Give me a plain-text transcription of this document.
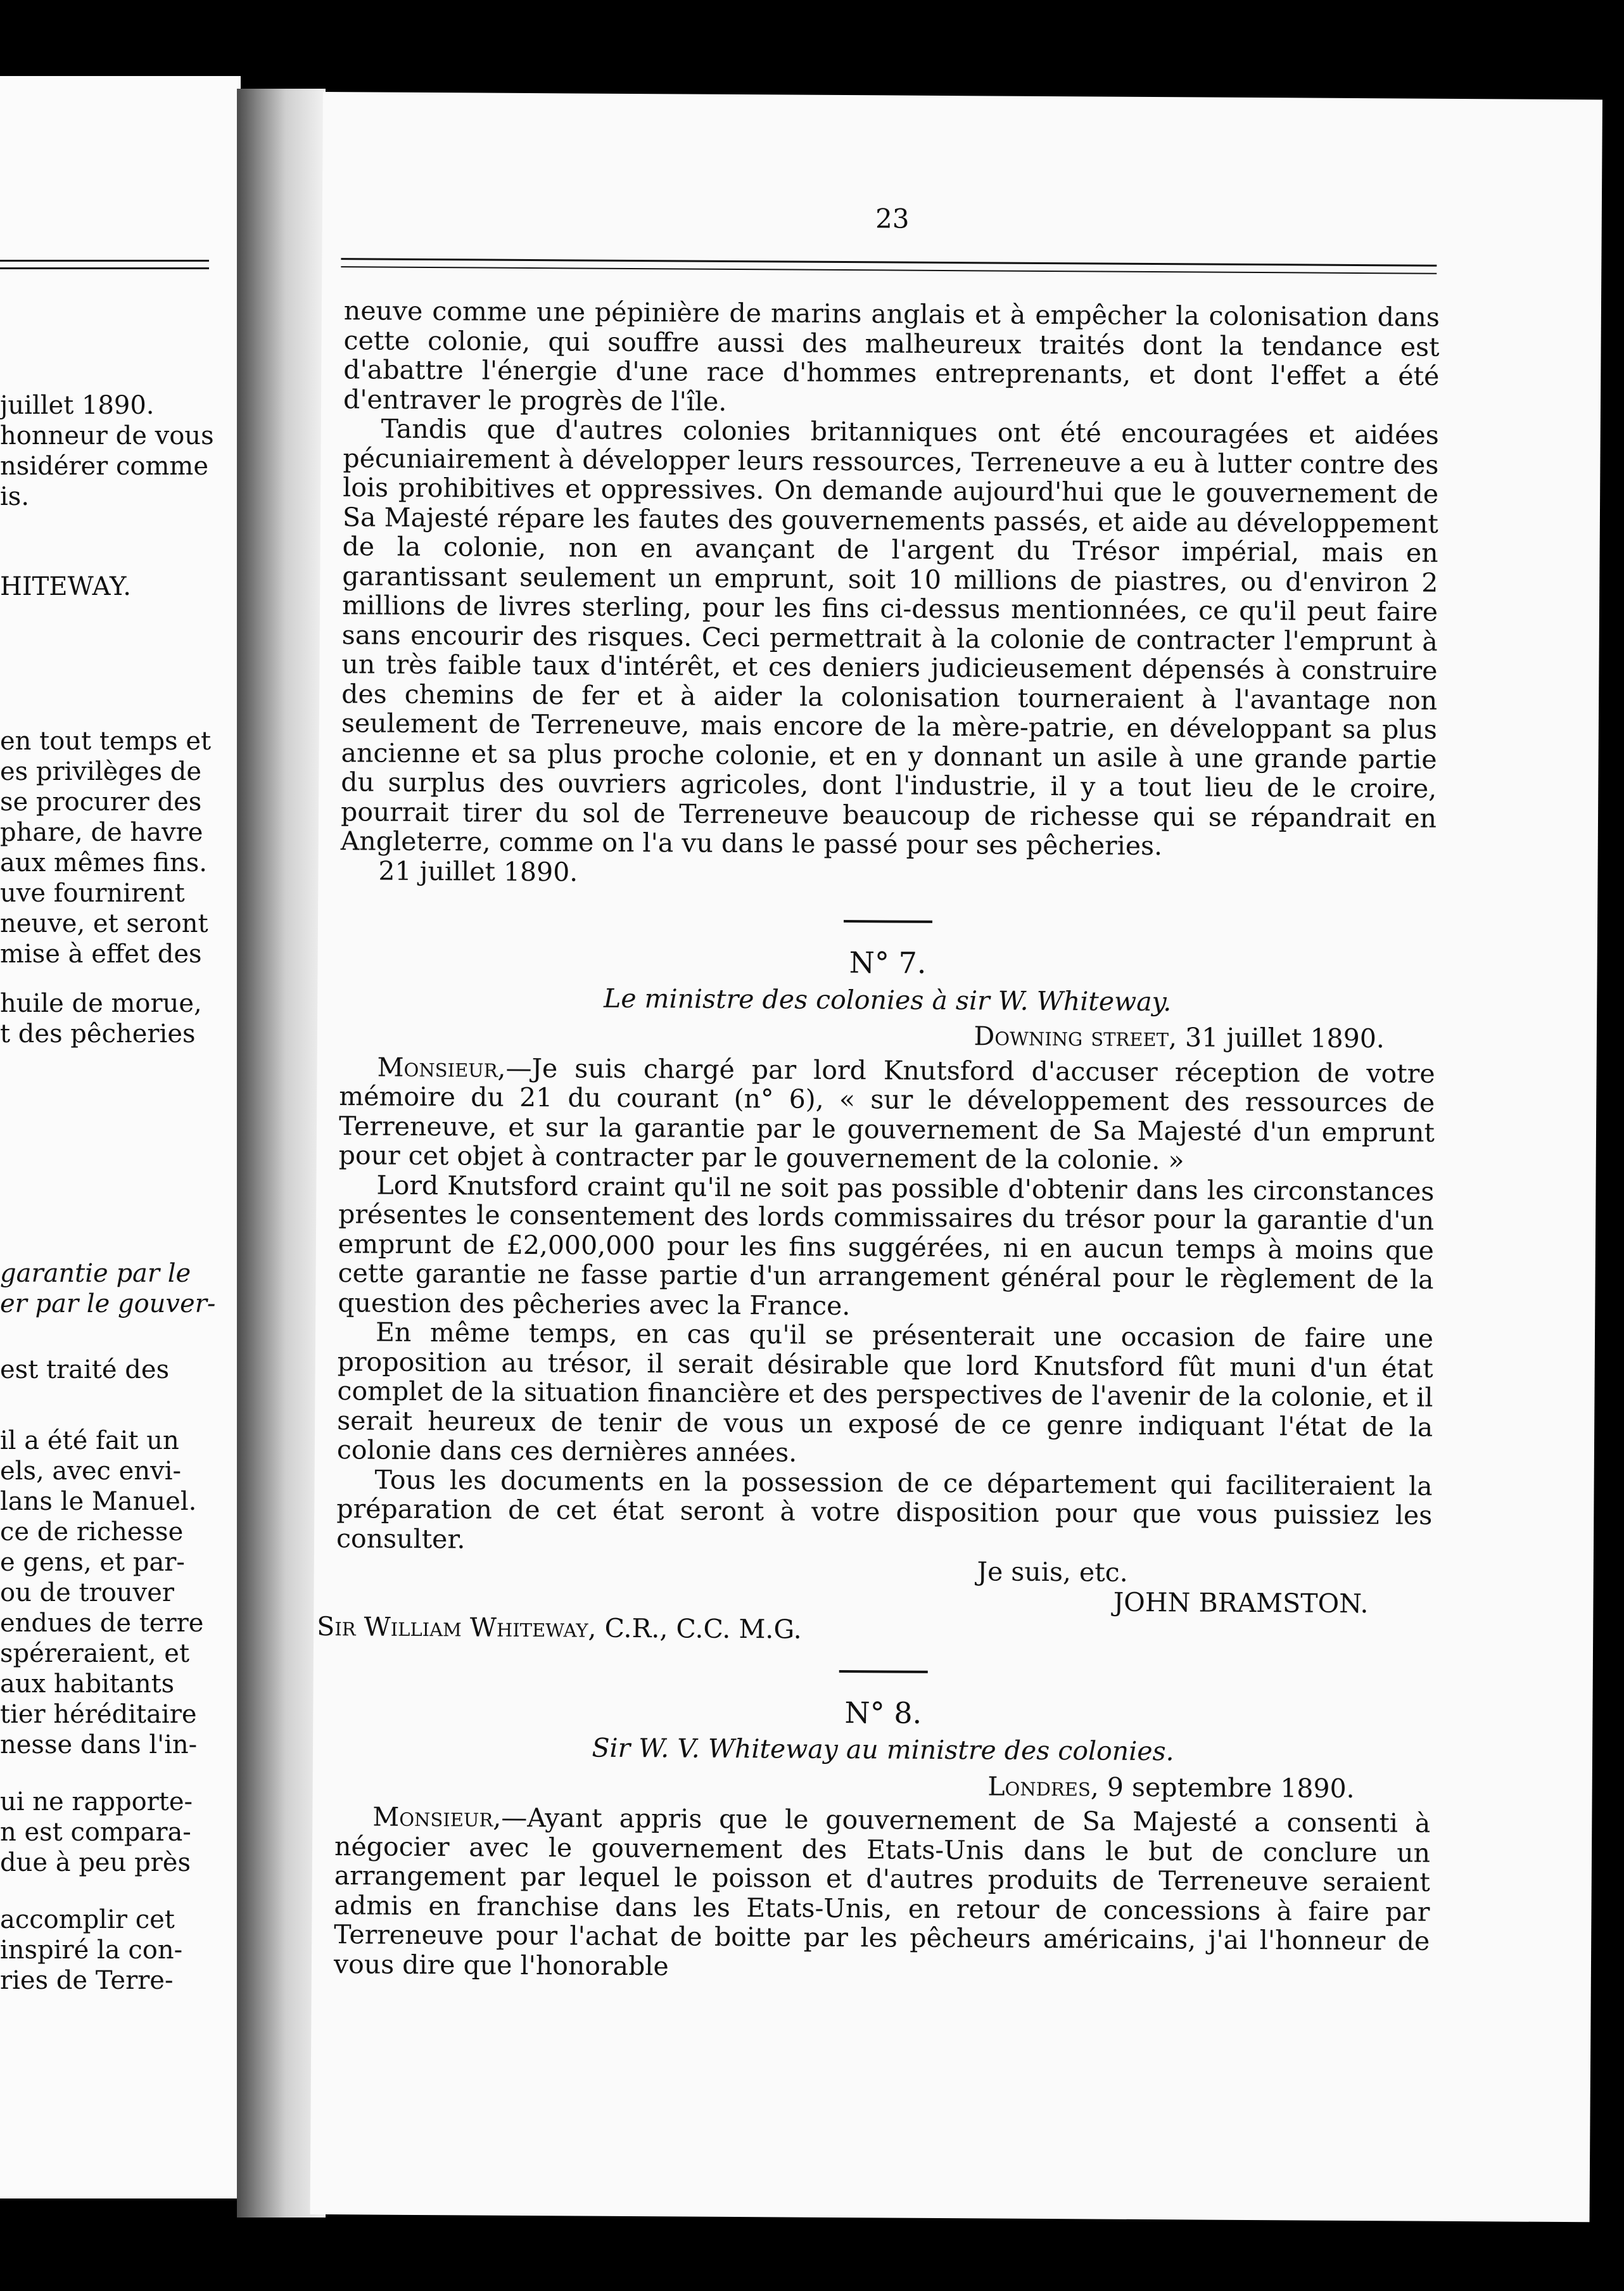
juillet 1890.
honneur de vous
nsidérer comme
is.
HITEWAY.
en tout temps et
es privilèges de
se procurer des
phare, de havre
aux mêmes fins.
uve fournirent
neuve, et seront
mise à effet des
huile de morue,
t des pêcheries
garantie par le
er par le gouver-
est traité des
il a été fait un
els, avec envi-
lans le Manuel.
ce de richesse
e gens, et par-
ou de trouver
endues de terre
spéreraient, et
aux habitants
tier héréditaire
nesse dans l'in-
ui ne rapporte-
n est compara-
due à peu près
accomplir cet
inspiré la con-
ries de Terre-
23

neuve comme une pépinière de marins anglais et à empêcher la colonisation dans cette colonie, qui souffre aussi des malheureux traités dont la tendance est d'abattre l'énergie d'une race d'hommes entreprenants, et dont l'effet a été d'entraver le progrès de l'île.

Tandis que d'autres colonies britanniques ont été encouragées et aidées pécuniairement à développer leurs ressources, Terreneuve a eu à lutter contre des lois prohibitives et oppressives. On demande aujourd'hui que le gouvernement de Sa Majesté répare les fautes des gouvernements passés, et aide au développement de la colonie, non en avançant de l'argent du Trésor impérial, mais en garantissant seulement un emprunt, soit 10 millions de piastres, ou d'environ 2 millions de livres sterling, pour les fins ci-dessus mentionnées, ce qu'il peut faire sans encourir des risques. Ceci permettrait à la colonie de contracter l'emprunt à un très faible taux d'intérêt, et ces deniers judicieusement dépensés à construire des chemins de fer et à aider la colonisation tourneraient à l'avantage non seulement de Terreneuve, mais encore de la mère-patrie, en développant sa plus ancienne et sa plus proche colonie, et en y donnant un asile à une grande partie du surplus des ouvriers agricoles, dont l'industrie, il y a tout lieu de le croire, pourrait tirer du sol de Terreneuve beaucoup de richesse qui se répandrait en Angleterre, comme on l'a vu dans le passé pour ses pêcheries.

21 juillet 1890.

N° 7.

Le ministre des colonies à sir W. Whiteway.

Downing street, 31 juillet 1890.

Monsieur,—Je suis chargé par lord Knutsford d'accuser réception de votre mémoire du 21 du courant (n° 6), « sur le développement des ressources de Terreneuve, et sur la garantie par le gouvernement de Sa Majesté d'un emprunt pour cet objet à contracter par le gouvernement de la colonie. »

Lord Knutsford craint qu'il ne soit pas possible d'obtenir dans les circonstances présentes le consentement des lords commissaires du trésor pour la garantie d'un emprunt de £2,000,000 pour les fins suggérées, ni en aucun temps à moins que cette garantie ne fasse partie d'un arrangement général pour le règlement de la question des pêcheries avec la France.

En même temps, en cas qu'il se présenterait une occasion de faire une proposition au trésor, il serait désirable que lord Knutsford fût muni d'un état complet de la situation financière et des perspectives de l'avenir de la colonie, et il serait heureux de tenir de vous un exposé de ce genre indiquant l'état de la colonie dans ces dernières années.

Tous les documents en la possession de ce département qui faciliteraient la préparation de cet état seront à votre disposition pour que vous puissiez les consulter.

Je suis, etc.

JOHN BRAMSTON.

Sir William Whiteway, C.R., C.C. M.G.

N° 8.

Sir W. V. Whiteway au ministre des colonies.

Londres, 9 septembre 1890.

Monsieur,—Ayant appris que le gouvernement de Sa Majesté a consenti à négocier avec le gouvernement des Etats-Unis dans le but de conclure un arrangement par lequel le poisson et d'autres produits de Terreneuve seraient admis en franchise dans les Etats-Unis, en retour de concessions à faire par Terreneuve pour l'achat de boitte par les pêcheurs américains, j'ai l'honneur de vous dire que l'honorable
